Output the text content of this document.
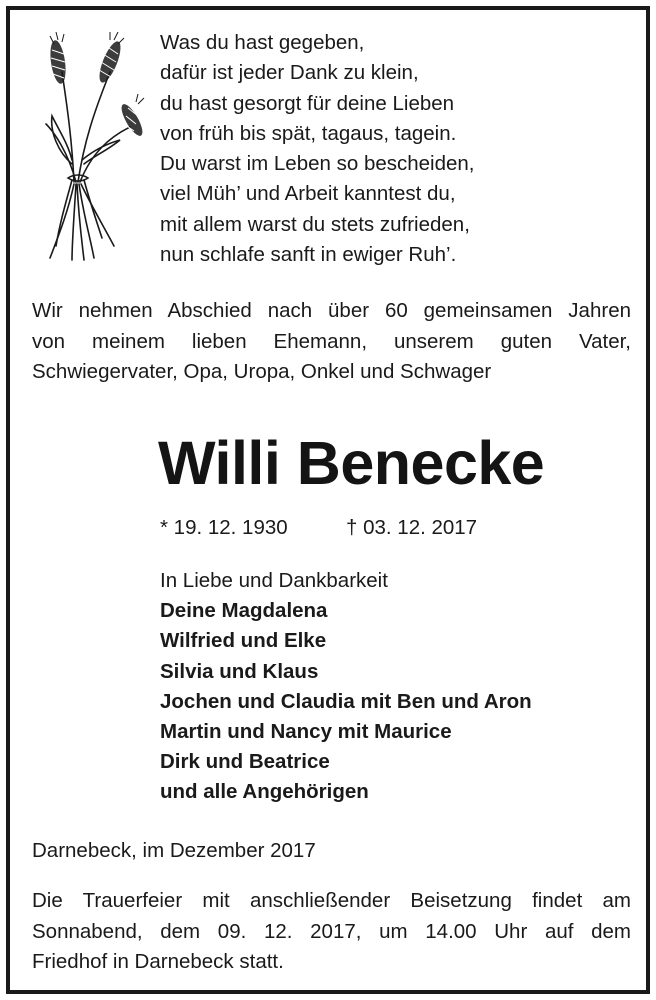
Was du hast gegeben,
dafür ist jeder Dank zu klein,
du hast gesorgt für deine Lieben
von früh bis spät, tagaus, tagein.
Du warst im Leben so bescheiden,
viel Müh’ und Arbeit kanntest du,
mit allem warst du stets zufrieden,
nun schlafe sanft in ewiger Ruh’.
Wir nehmen Abschied nach über 60 gemeinsamen Jahren
von meinem lieben Ehemann, unserem guten Vater,
Schwiegervater, Opa, Uropa, Onkel und Schwager
Willi Benecke
* 19. 12. 1930	† 03. 12. 2017
In Liebe und Dankbarkeit
Deine Magdalena
Wilfried und Elke
Silvia und Klaus
Jochen und Claudia mit Ben und Aron
Martin und Nancy mit Maurice
Dirk und Beatrice
und alle Angehörigen
Darnebeck, im Dezember 2017
Die Trauerfeier mit anschließender Beisetzung findet am
Sonnabend, dem 09. 12. 2017, um 14.00 Uhr auf dem
Friedhof in Darnebeck statt.
